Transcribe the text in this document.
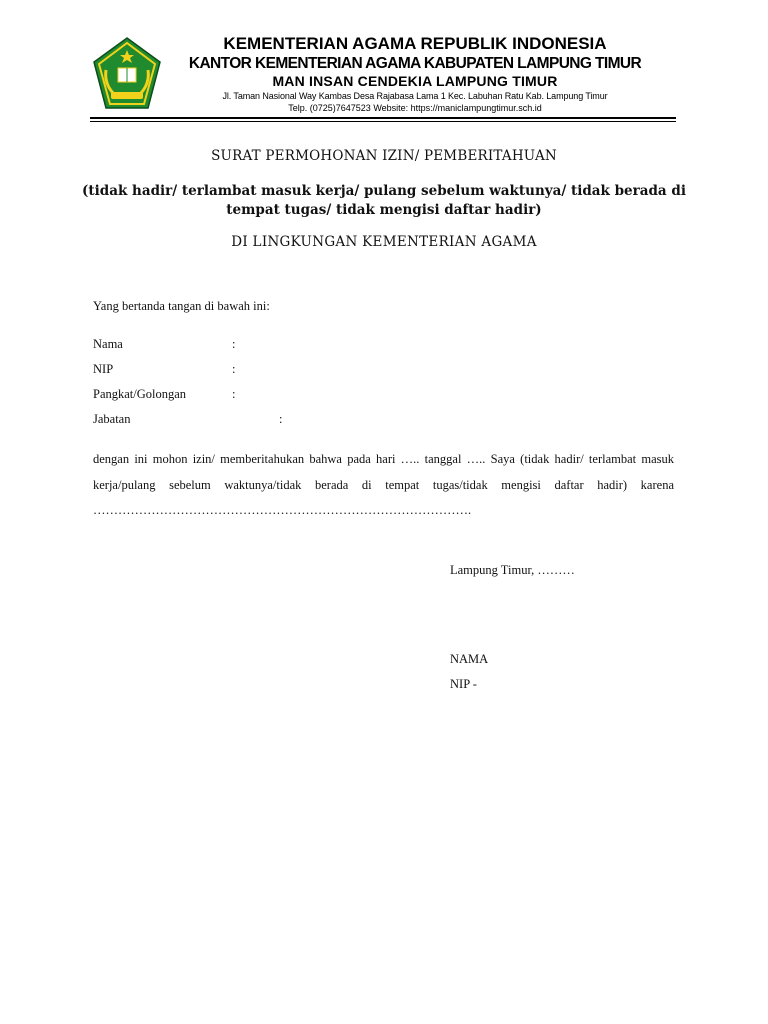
KEMENTERIAN AGAMA REPUBLIK INDONESIA
KANTOR KEMENTERIAN AGAMA KABUPATEN LAMPUNG TIMUR
MAN INSAN CENDEKIA LAMPUNG TIMUR
Jl. Taman Nasional Way Kambas Desa Rajabasa Lama 1 Kec. Labuhan Ratu Kab. Lampung Timur
Telp. (0725)7647523 Website: https://maniclampungtimur.sch.id
SURAT PERMOHONAN IZIN/ PEMBERITAHUAN
(tidak hadir/ terlambat masuk kerja/ pulang sebelum waktunya/ tidak berada di tempat tugas/ tidak mengisi daftar hadir)
DI LINGKUNGAN KEMENTERIAN AGAMA
Yang bertanda tangan di bawah ini:
Nama	:
NIP	:
Pangkat/Golongan	:
Jabatan	:
dengan ini mohon izin/ memberitahukan bahwa pada hari ….. tanggal ….. Saya (tidak hadir/ terlambat masuk kerja/pulang sebelum waktunya/tidak berada di tempat tugas/tidak mengisi daftar hadir) karena ……………………………………………………………………………….
Lampung Timur, ………
NAMA
NIP -
